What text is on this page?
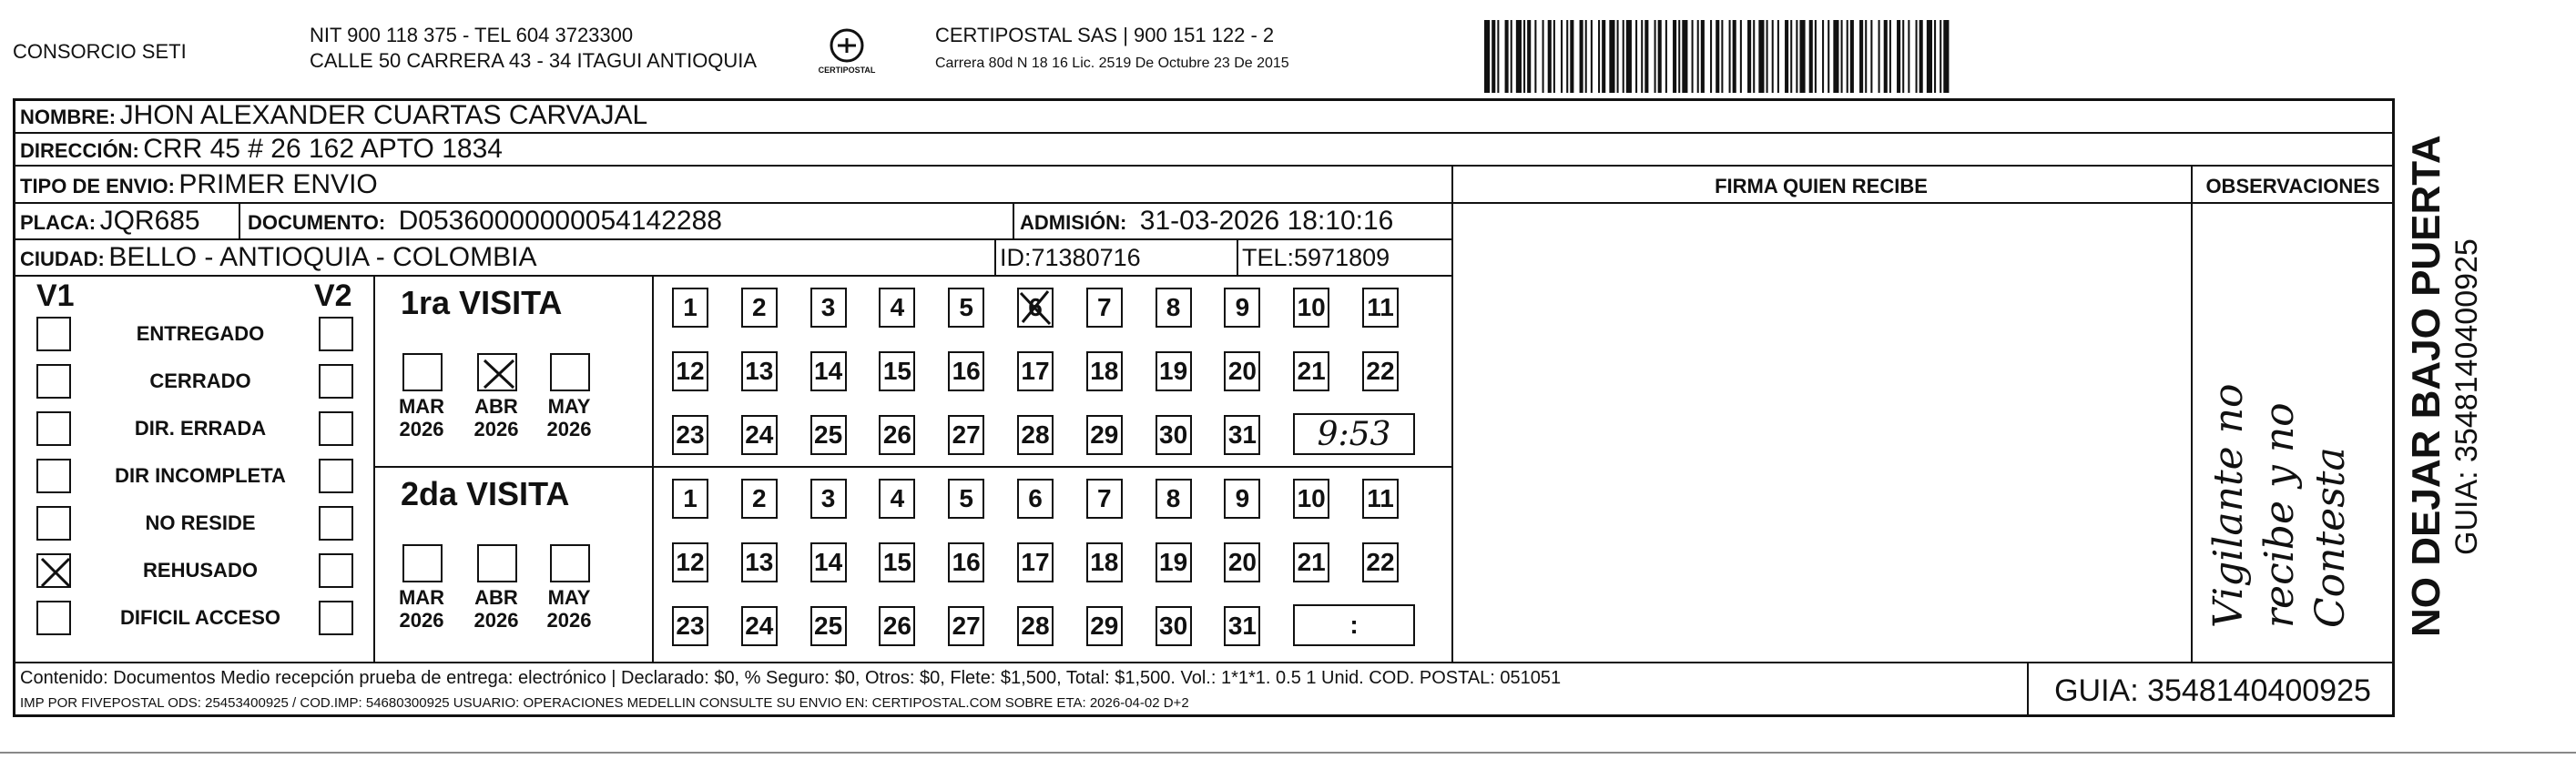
CONSORCIO SETI
NIT 900 118 375 - TEL 604 3723300
CALLE 50 CARRERA 43 - 34 ITAGUI ANTIOQUIA	CERTIPOSTAL
CERTIPOSTAL SAS | 900 151 122 - 2
Carrera 80d N 18 16 Lic. 2519 De Octubre 23 De 2015
NOMBRE: JHON ALEXANDER CUARTAS CARVAJAL
DIRECCIÓN: CRR 45 # 26 162 APTO 1834
TIPO DE ENVIO: PRIMER ENVIO
PLACA: JQR685 DOCUMENTO: D05360000000054142288	ADMISIÓN: 31-03-2026 18:10:16
CIUDAD: BELLO - ANTIOQUIA - COLOMBIA	ID:71380716	TEL:5971809
FIRMA QUIEN RECIBE	OBSERVACIONES
Vigilante no recibe y no Contesta
V1	V2
ENTREGADO
CERRADO
DIR. ERRADA
DIR INCOMPLETA
NO RESIDE
REHUSADO
DIFICIL ACCESO
1ra VISITA
2da VISITA
MAR
2026
ABR
2026
MAY
2026
MAR
2026
ABR
2026
MAY
2026
1	2	3	4	5	6	7	8	9	10 11
12 13 14 15 16 17 18 19 20 21 22
23 24 25 26 27 28 29 30 31
1	2	3	4	5	6	7	8	9	10 11
12 13 14 15 16 17 18 19 20 21 22
23 24 25 26 27 28 29 30 31
9:53
:	NO DEJAR BAJO PUERTA GUIA: 3548140400925
Contenido: Documentos Medio recepción prueba de entrega: electrónico | Declarado: $0, % Seguro: $0, Otros: $0, Flete: $1,500, Total: $1,500. Vol.: 1*1*1. 0.5 1 Unid. COD. POSTAL: 051051
IMP POR FIVEPOSTAL ODS: 25453400925 / COD.IMP: 54680300925 USUARIO: OPERACIONES MEDELLIN CONSULTE SU ENVIO EN: CERTIPOSTAL.COM SOBRE ETA: 2026-04-02 D+2	GUIA: 3548140400925
